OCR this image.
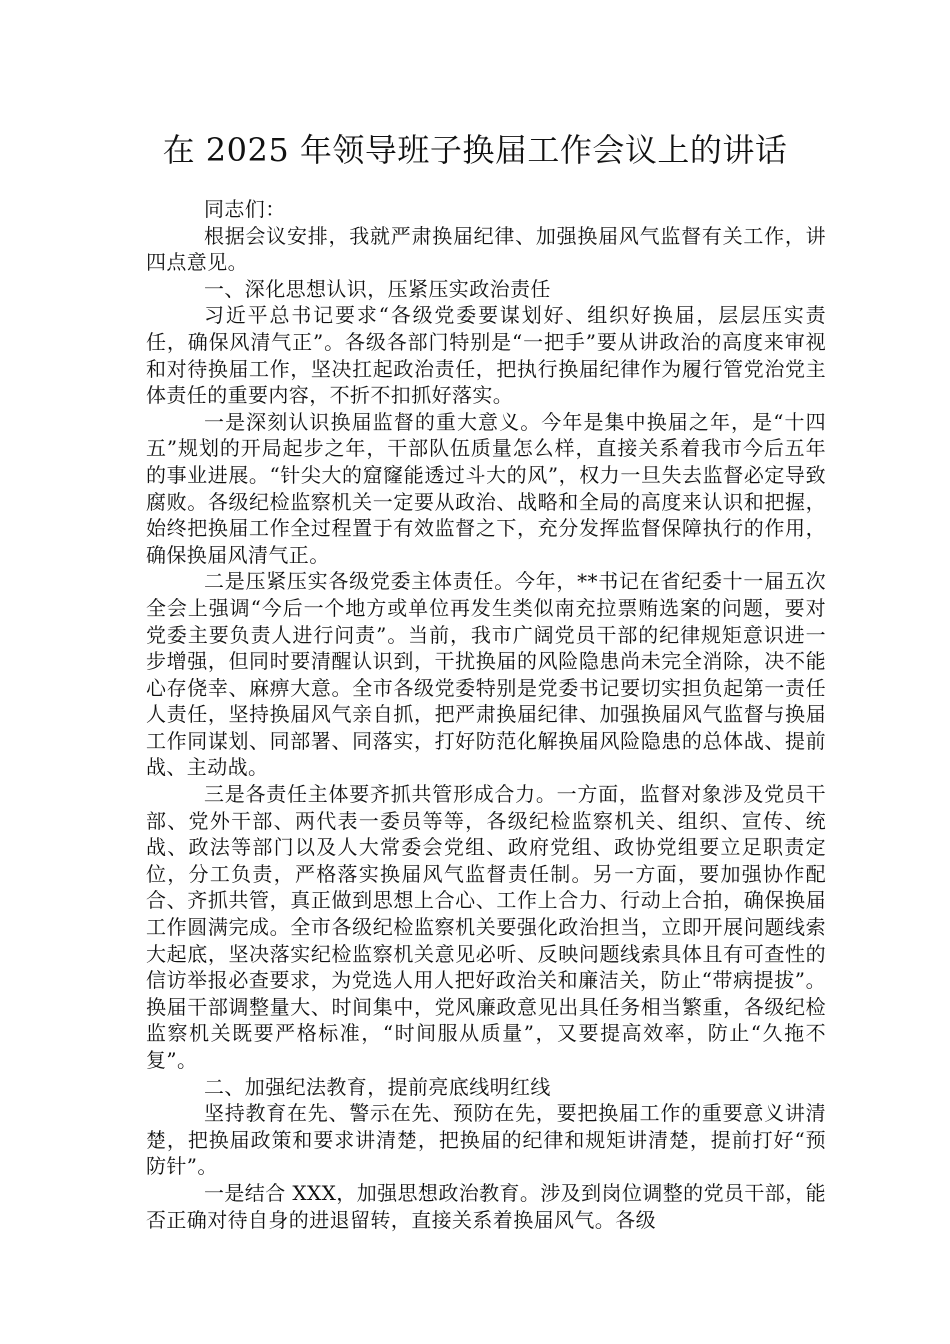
在 2025 年领导班子换届工作会议上的讲话

同志们：

根据会议安排，我就严肃换届纪律、加强换届风气监督有关工作，讲四点意见。

一、深化思想认识，压紧压实政治责任

习近平总书记要求“各级党委要谋划好、组织好换届，层层压实责任，确保风清气正”。各级各部门特别是“一把手”要从讲政治的高度来审视和对待换届工作，坚决扛起政治责任，把执行换届纪律作为履行管党治党主体责任的重要内容，不折不扣抓好落实。

一是深刻认识换届监督的重大意义。今年是集中换届之年，是“十四五”规划的开局起步之年，干部队伍质量怎么样，直接关系着我市今后五年的事业进展。“针尖大的窟窿能透过斗大的风”，权力一旦失去监督必定导致腐败。各级纪检监察机关一定要从政治、战略和全局的高度来认识和把握，始终把换届工作全过程置于有效监督之下，充分发挥监督保障执行的作用，确保换届风清气正。

二是压紧压实各级党委主体责任。今年，**书记在省纪委十一届五次全会上强调“今后一个地方或单位再发生类似南充拉票贿选案的问题，要对党委主要负责人进行问责”。当前，我市广阔党员干部的纪律规矩意识进一步增强，但同时要清醒认识到，干扰换届的风险隐患尚未完全消除，决不能心存侥幸、麻痹大意。全市各级党委特别是党委书记要切实担负起第一责任人责任，坚持换届风气亲自抓，把严肃换届纪律、加强换届风气监督与换届工作同谋划、同部署、同落实，打好防范化解换届风险隐患的总体战、提前战、主动战。

三是各责任主体要齐抓共管形成合力。一方面，监督对象涉及党员干部、党外干部、两代表一委员等等，各级纪检监察机关、组织、宣传、统战、政法等部门以及人大常委会党组、政府党组、政协党组要立足职责定位，分工负责，严格落实换届风气监督责任制。另一方面，要加强协作配合、齐抓共管，真正做到思想上合心、工作上合力、行动上合拍，确保换届工作圆满完成。全市各级纪检监察机关要强化政治担当，立即开展问题线索大起底，坚决落实纪检监察机关意见必听、反映问题线索具体且有可查性的信访举报必查要求，为党选人用人把好政治关和廉洁关，防止“带病提拔”。换届干部调整量大、时间集中，党风廉政意见出具任务相当繁重，各级纪检监察机关既要严格标准，“时间服从质量”，又要提高效率，防止“久拖不复”。

二、加强纪法教育，提前亮底线明红线

坚持教育在先、警示在先、预防在先，要把换届工作的重要意义讲清楚，把换届政策和要求讲清楚，把换届的纪律和规矩讲清楚，提前打好“预防针”。

一是结合 XXX，加强思想政治教育。涉及到岗位调整的党员干部，能否正确对待自身的进退留转，直接关系着换届风气。各级
